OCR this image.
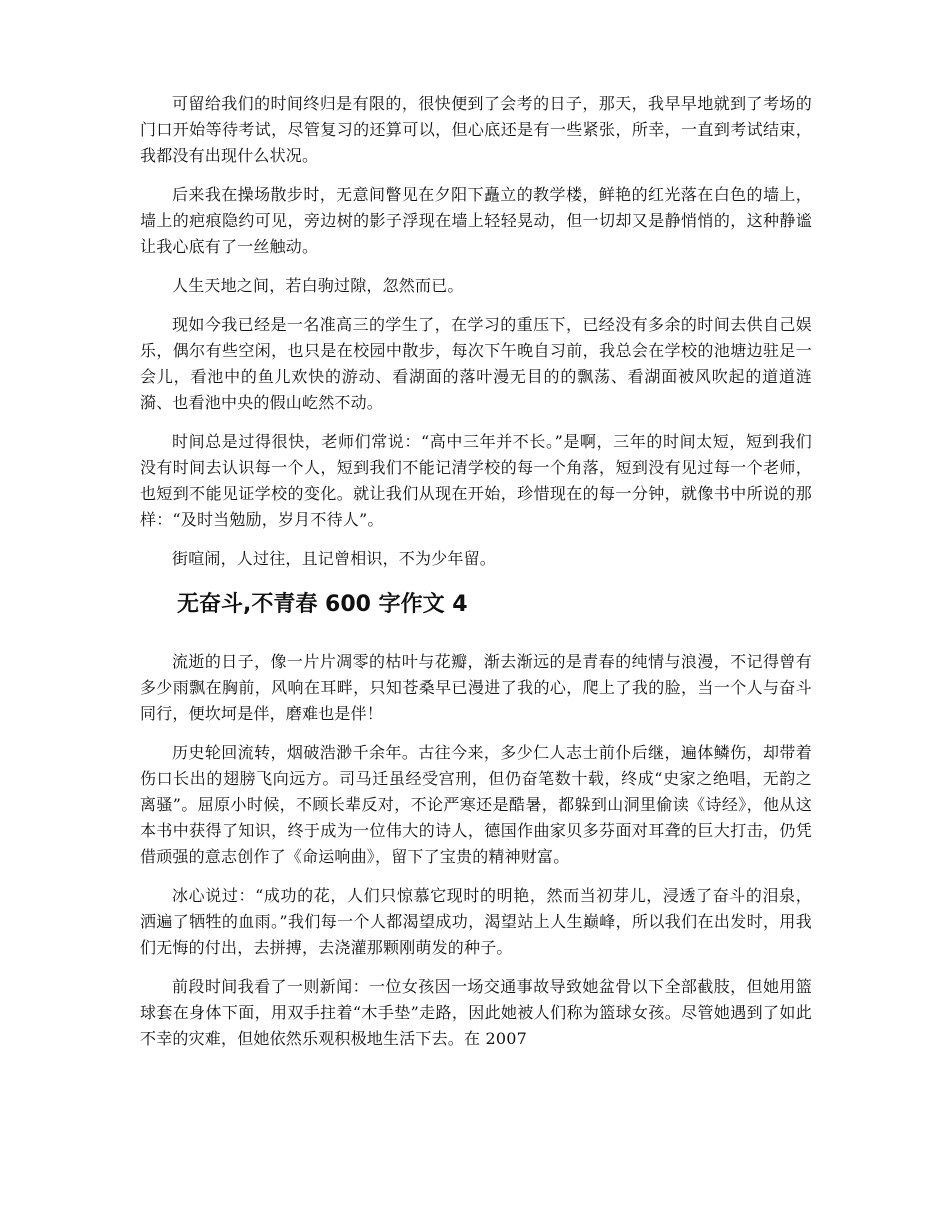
可留给我们的时间终归是有限的，很快便到了会考的日子，那天，我早早地就到了考场的门口开始等待考试，尽管复习的还算可以，但心底还是有一些紧张，所幸，一直到考试结束，我都没有出现什么状况。

后来我在操场散步时，无意间瞥见在夕阳下矗立的教学楼，鲜艳的红光落在白色的墙上，墙上的疤痕隐约可见，旁边树的影子浮现在墙上轻轻晃动，但一切却又是静悄悄的，这种静谧让我心底有了一丝触动。

人生天地之间，若白驹过隙，忽然而已。

现如今我已经是一名准高三的学生了，在学习的重压下，已经没有多余的时间去供自己娱乐，偶尔有些空闲，也只是在校园中散步，每次下午晚自习前，我总会在学校的池塘边驻足一会儿，看池中的鱼儿欢快的游动、看湖面的落叶漫无目的的飘荡、看湖面被风吹起的道道涟漪、也看池中央的假山屹然不动。

时间总是过得很快，老师们常说：“高中三年并不长。”是啊，三年的时间太短，短到我们没有时间去认识每一个人，短到我们不能记清学校的每一个角落，短到没有见过每一个老师，也短到不能见证学校的变化。就让我们从现在开始，珍惜现在的每一分钟，就像书中所说的那样：“及时当勉励，岁月不待人”。

街喧闹，人过往，且记曾相识，不为少年留。

无奋斗,不青春 600 字作文 4

流逝的日子，像一片片凋零的枯叶与花瓣，渐去渐远的是青春的纯情与浪漫，不记得曾有多少雨飘在胸前，风响在耳畔，只知苍桑早已漫进了我的心，爬上了我的脸，当一个人与奋斗同行，便坎坷是伴，磨难也是伴！

历史轮回流转，烟破浩渺千余年。古往今来，多少仁人志士前仆后继，遍体鳞伤，却带着伤口长出的翅膀飞向远方。司马迁虽经受宫刑，但仍奋笔数十载，终成“史家之绝唱，无韵之离骚”。屈原小时候，不顾长辈反对，不论严寒还是酷暑，都躲到山洞里偷读《诗经》，他从这本书中获得了知识，终于成为一位伟大的诗人，德国作曲家贝多芬面对耳聋的巨大打击，仍凭借顽强的意志创作了《命运响曲》，留下了宝贵的精神财富。

冰心说过：“成功的花，人们只惊慕它现时的明艳，然而当初芽儿，浸透了奋斗的泪泉，洒遍了牺牲的血雨。”我们每一个人都渴望成功，渴望站上人生巅峰，所以我们在出发时，用我们无悔的付出，去拼搏，去浇灌那颗刚萌发的种子。

前段时间我看了一则新闻：一位女孩因一场交通事故导致她盆骨以下全部截肢，但她用篮球套在身体下面，用双手拄着“木手垫”走路，因此她被人们称为篮球女孩。尽管她遇到了如此不幸的灾难，但她依然乐观积极地生活下去。在 2007
